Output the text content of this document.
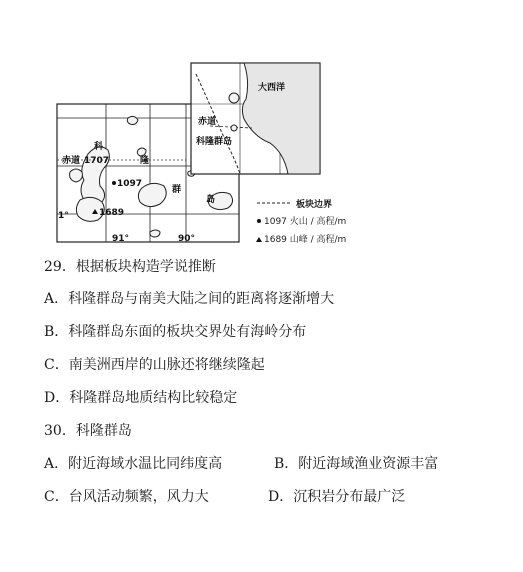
1097
1689
赤道 1707
科
隆
群
岛
1°
91°	90°
大西洋
赤道
科隆群岛
板块边界
1097 火山 / 高程/m
1689 山峰 / 高程/m
29．根据板块构造学说推断
A．科隆群岛与南美大陆之间的距离将逐渐增大
B．科隆群岛东面的板块交界处有海岭分布
C．南美洲西岸的山脉还将继续隆起
D．科隆群岛地质结构比较稳定
30．科隆群岛
A．附近海域水温比同纬度高	B．附近海域渔业资源丰富
C．台风活动频繁，风力大	D．沉积岩分布最广泛
